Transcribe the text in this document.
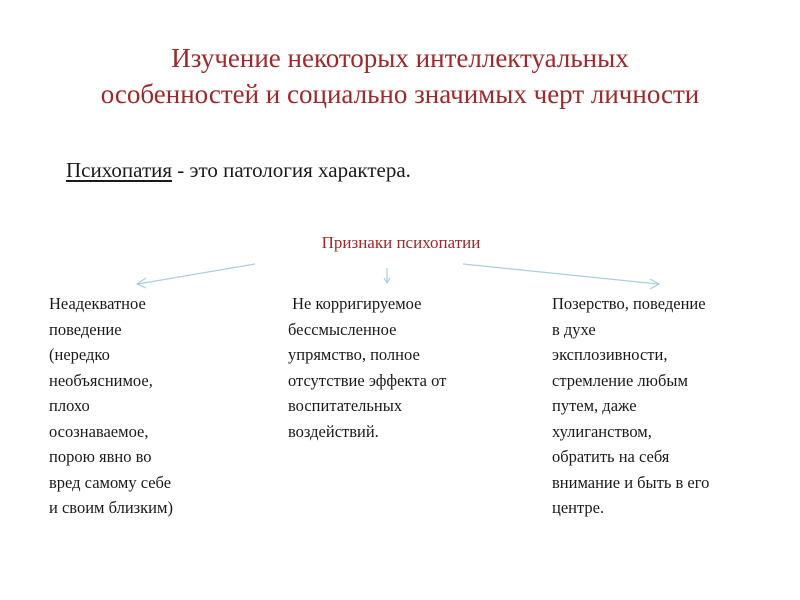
Изучение некоторых интеллектуальных
особенностей и социально значимых черт личности
Психопатия - это патология характера.
Признаки психопатии
Неадекватное
поведение
(нередко
необъяснимое,
плохо
осознаваемое,
порою явно во
вред самому себе
и своим близким)
Не корригируемое
бессмысленное
упрямство, полное
отсутствие эффекта от
воспитательных
воздействий.
Позерство, поведение
в духе
эксплозивности,
стремление любым
путем, даже
хулиганством,
обратить на себя
внимание и быть в его
центре.
